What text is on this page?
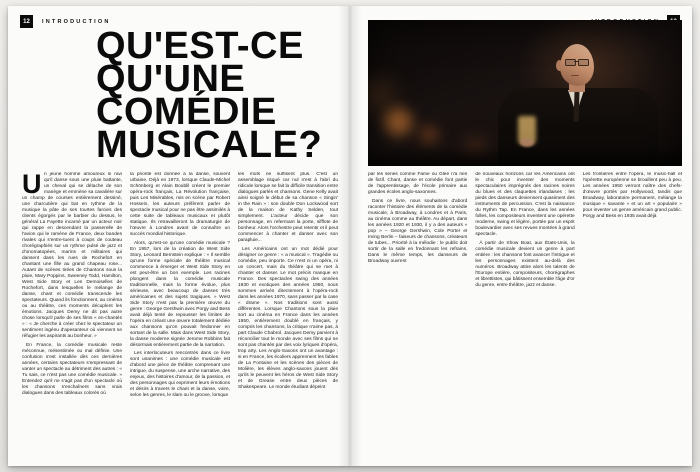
12	INTRODUCTION
QU'EST-CE
QU'UNE
COMÉDIE
MUSICALE?
Un jeune homme amoureux si ravi qu'il danse sous une pluie battante, un cheval qui se détache de son manège et emmène sa cavalière sur un champ de courses entièrement dessiné, une charcutière qui bat en rythme de la musique la pâte de ses tourtes farcies des clients égorgés par le barbier du dessus, le général La Fayette incarné par un acteur noir qui rappe en descendant la passerelle de l'avion qui le ramène de France, deux bandes rivales qui s'entre-tuent à coups de couteau chorégraphiés sur un rythme pulsé de jazz et d'onomatopées, marins et militaires qui dansent dans les rues de Rochefort en chantant une fille au grand chapeau rose... Autant de scènes tirées de Chantons sous la pluie, Mary Poppins, Sweeney Todd, Hamilton, West Side Story et Les Demoiselles de Rochefort, dans lesquelles le mélange de danse, chant et comédie transcende les spectateurs. Quand ils fonctionnent, au cinéma ou au théâtre, ces moments décuplent les émotions. Jacques Demy ne dit pas autre chose lorsqu'il parle de ses films « en-chantés » : « Je cherche à créer chez le spectateur un sentiment ingénu d'apesanteur où viennent se réfugier les aspirants au bonheur. »

En France, la comédie musicale reste méconnue, mésestimée ou mal définie. Une confusion s'est installée dès ces dernières années, certains spectateurs s'empressant de vanter un spectacle au détriment des autres : « Tu sais, ce n'est pas une comédie musicale. » Entendez qu'il ne s'agit pas d'un spectacle où les chansons s'enchaînent sans vrais dialogues dans des tableaux colorés où

la priorité est donnée à la danse, souvent urbaine. Déjà en 1973, lorsque Claude-Michel Schönberg et Alain Boublil créent le premier opéra-rock français, La Révolution française, puis Les Misérables, mis en scène par Robert Hossein, les auteurs préfèrent parler de spectacle musical pour ne pas être assimilés à cette suite de tableaux musicaux et plutôt statique. Ils retravailleront la dramaturgie de l'œuvre à Londres avant de connaître un succès mondial historique.

Alors, qu'est-ce qu'une comédie musicale ? En 1957, lors de la création de West Side Story, Leonard Bernstein explique : « Il semble qu'une forme spéciale de théâtre musical commence à émerger et West Side Story en est peut-être un bon exemple. Les racines plongent dans la comédie musicale traditionnelle, mais la forme évolue, plus sérieuse, avec beaucoup de danses très américaines et des sujets tragiques. » West Side Story n'est pas la première œuvre du genre : George Gershwin avec Porgy and Bess avait déjà tenté de repousser les limites de l'opéra en créant une œuvre totalement dédiée aux chansons qu'on pouvait fredonner en sortant de la salle. Mais dans West Side Story, la danse moderne signée Jerome Robbins fait désormais entièrement partie de la narration.

Les interlocuteurs rencontrés dans ce livre sont unanimes : une comédie musicale est d'abord une pièce de théâtre comprenant une intrigue, du suspense, une arche narrative, des enjeux, des histoires d'amour, de la passion, et des personnages qui expriment leurs émotions et désirs à travers le chant et la danse, voire, selon les genres, le slam ou le groove, lorsque

les mots ne suffisent plus. C'est un assemblage risqué car nul n'est à l'abri du ridicule lorsque se fait la difficile transition entre dialogues parlés et chansons. Gene Kelly avait ainsi soigné le début de sa chanson « Singin' in the Rain » : son double Don Lockwood sort de la maison de Kathy Selden, tout simplement. L'acteur décide que son personnage, en refermant la porte, sifflote de bonheur. Alors l'orchestre peut retentir et il peut commencer à chanter et danser avec son parapluie...

Les Américains ont un mot dédié pour désigner ce genre : « a musical ». Tragédie ou comédie, peu importe. Ce n'est ni un opéra, ni un concert, mais du théâtre qui se met à chanter et danser. Le mot précis manque en France. Des spectacles swing des années 1930 et exotiques des années 1950, nous sommes arrivés directement à l'opéra-rock dans les années 1970, sans passer par la case « drame ». Nos traditions sont aussi différentes. Lorsque Chantons sous la pluie sort au cinéma en France dans les années 1950, entièrement doublé en français, y compris les chansons, la critique n'aime pas, à part Claude Chabrol. Jacques Demy parvient à réconcilier tout le monde avec ses films qui ne sont pas chantés par des voix lyriques d'opéra, trop arty. Les Anglo-Saxons ont un avantage : si en France, les écoliers apprennent les fables de La Fontaine et les scènes des pièces de Molière, les élèves anglo-saxons jouent dès qu'ils le peuvent les héros de West Side Story et de Grease entre deux pièces de Shakespeare. Le monde étudiant dépeint

par les séries comme Fame ou Glee n'a rien de fictif. Chant, danse et comédie font partie de l'apprentissage, de l'école primaire aux grandes écoles anglo-saxonnes.

Dans ce livre, nous souhaitons d'abord raconter l'histoire des éléments de la comédie musicale, à Broadway, à Londres et à Paris, au cinéma comme au théâtre. Au départ, dans les années 1920 et 1930, il y a des auteurs « pop » – George Gershwin, Cole Porter et Irving Berlin – faiseurs de chansons, créateurs de tubes... Priorité à la mélodie : le public doit sortir de la salle en fredonnant les refrains. Dans le même temps, les danseurs de Broadway ouvrent

de nouveaux horizons car les Américains ont le chic pour inventer des moments spectaculaires imprégnés des racines noires du blues et des claquettes irlandaises ; les pieds des danseurs deviennent quasiment des instruments de percussion. C'est la naissance du Rythm Tap. En France, dans les années folles, les compositeurs inventent une opérette moderne, swing et légère, portée par un esprit boulevardier avec ses revues montées à grand spectacle.

À partir de Show Boat, aux États-Unis, la comédie musicale devient un genre à part entière : les chansons font avancer l'intrigue et les personnages existent au-delà des numéros. Broadway attire alors les talents de l'Europe entière, compositeurs, chorégraphes et librettistes, qui bâtissent ensemble l'âge d'or du genre, entre théâtre, jazz et danse.

Les frontières entre l'opéra, le music-hall et l'opérette européenne se brouillent peu à peu. Les années 1950 verront naître des chefs-d'œuvre portés par Hollywood, tandis que Broadway, laboratoire permanent, mélange la musique « savante » et un art « populaire » pour inventer un genre américain grand public. Porgy and Bess en 1935 avait déjà
